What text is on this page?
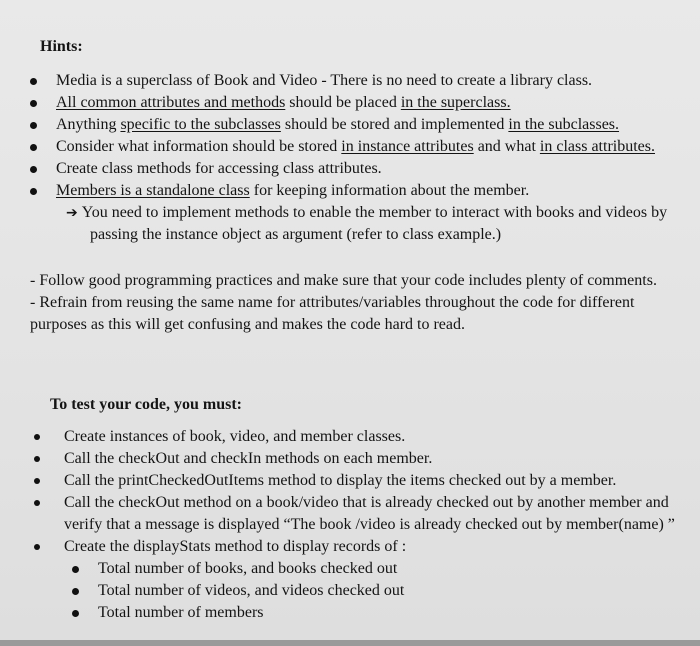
Hints:
Media is a superclass of Book and Video - There is no need to create a library class.
All common attributes and methods should be placed in the superclass.
Anything specific to the subclasses should be stored and implemented in the subclasses.
Consider what information should be stored in instance attributes and what in class attributes.
Create class methods for accessing class attributes.
Members is a standalone class for keeping information about the member.
➔ You need to implement methods to enable the member to interact with books and videos by
passing the instance object as argument (refer to class example.)
- Follow good programming practices and make sure that your code includes plenty of comments.
- Refrain from reusing the same name for attributes/variables throughout the code for different
purposes as this will get confusing and makes the code hard to read.
To test your code, you must:
Create instances of book, video, and member classes.
Call the checkOut and checkIn methods on each member.
Call the printCheckedOutItems method to display the items checked out by a member.
Call the checkOut method on a book/video that is already checked out by another member and
verify that a message is displayed “The book /video is already checked out by member(name) ”
Create the displayStats method to display records of :
Total number of books, and books checked out
Total number of videos, and videos checked out
Total number of members
